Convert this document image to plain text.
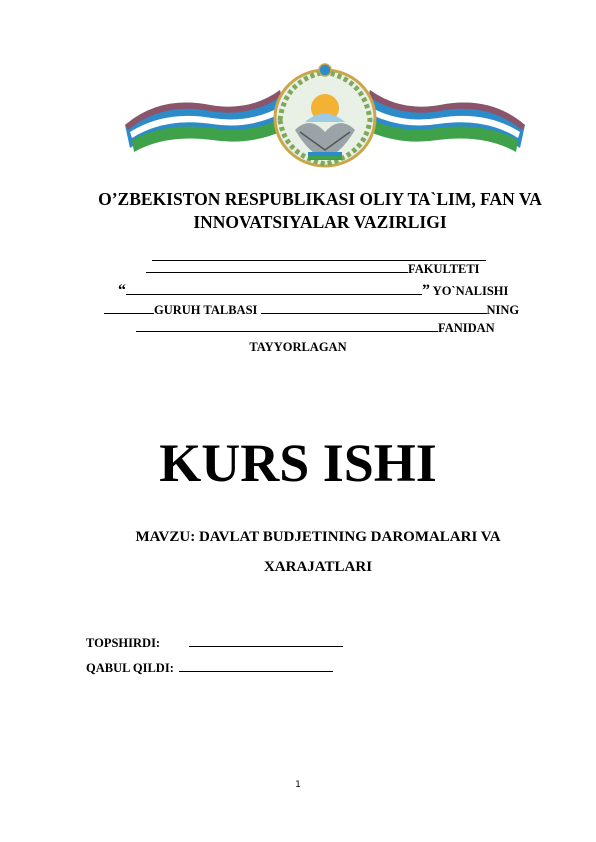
O’ZBEKISTON RESPUBLIKASI OLIY TA`LIM, FAN VA INNOVATSIYALAR VAZIRLIGI
FAKULTETI
“	” YO`NALISHI
GURUH TALBASI	NING
FANIDAN
TAYYORLAGAN
KURS ISHI
MAVZU: DAVLAT BUDJETINING DAROMALARI VA XARAJATLARI
TOPSHIRDI:
QABUL QILDI:
1
